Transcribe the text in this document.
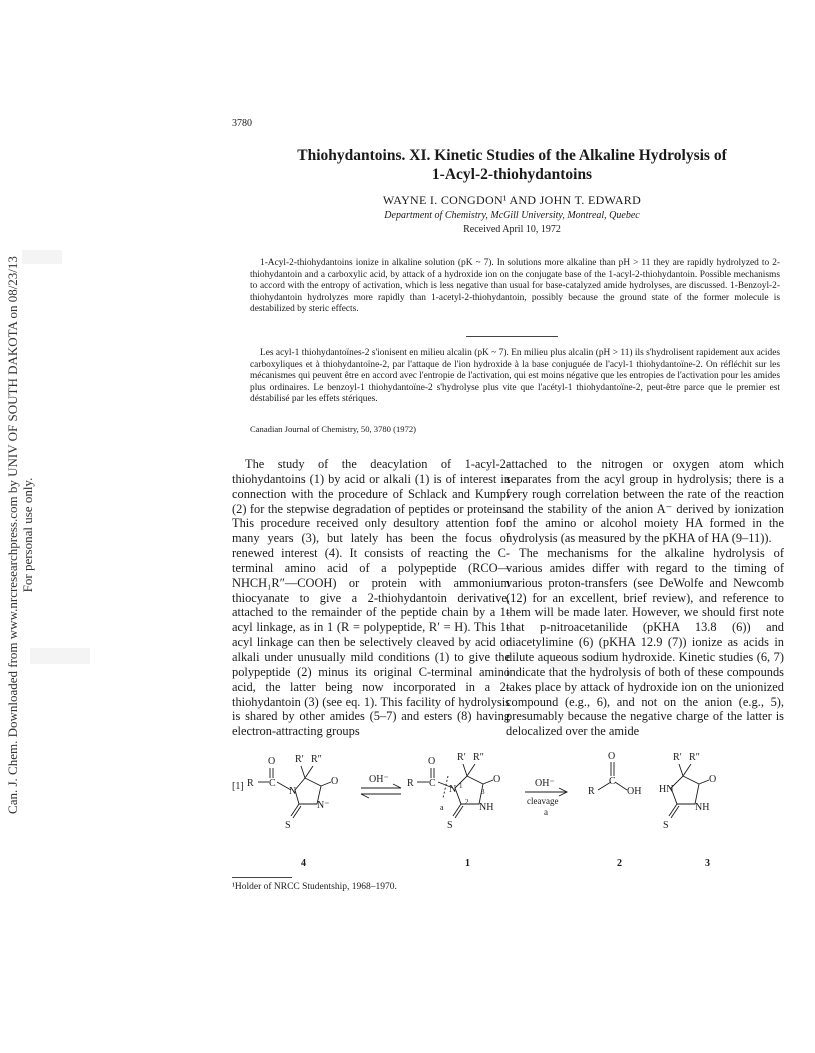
Can. J. Chem. Downloaded from www.nrcresearchpress.com by UNIV OF SOUTH DAKOTA on 08/23/13 For personal use only.
3780
Thiohydantoins. XI. Kinetic Studies of the Alkaline Hydrolysis of
1-Acyl-2-thiohydantoins
WAYNE I. CONGDON¹ AND JOHN T. EDWARD
Department of Chemistry, McGill University, Montreal, Quebec
Received April 10, 1972
1-Acyl-2-thiohydantoins ionize in alkaline solution (pK ~ 7). In solutions more alkaline than pH > 11 they are rapidly hydrolyzed to 2-thiohydantoin and a carboxylic acid, by attack of a hydroxide ion on the conjugate base of the 1-acyl-2-thiohydantoin. Possible mechanisms to accord with the entropy of activation, which is less negative than usual for base-catalyzed amide hydrolyses, are discussed. 1-Benzoyl-2-thiohydantoin hydrolyzes more rapidly than 1-acetyl-2-thiohydantoin, possibly because the ground state of the former molecule is destabilized by steric effects.
Les acyl-1 thiohydantoïnes-2 s'ionisent en milieu alcalin (pK ~ 7). En milieu plus alcalin (pH > 11) ils s'hydrolisent rapidement aux acides carboxyliques et à thiohydantoïne-2, par l'attaque de l'ion hydroxide à la base conjuguée de l'acyl-1 thiohydantoïne-2. On réfléchit sur les mécanismes qui peuvent être en accord avec l'entropie de l'activation, qui est moins négative que les entropies de l'activation pour les amides plus ordinaires. Le benzoyl-1 thiohydantoïne-2 s'hydrolyse plus vite que l'acétyl-1 thiohydantoïne-2, peut-être parce que le premier est déstabilisé par les effets stériques.
Canadian Journal of Chemistry, 50, 3780 (1972)

The study of the deacylation of 1-acyl-2-thiohydantoins (1) by acid or alkali (1) is of interest in connection with the procedure of Schlack and Kumpf (2) for the stepwise degradation of peptides or proteins. This procedure received only desultory attention for many years (3), but lately has been the focus of renewed interest (4). It consists of reacting the C-terminal amino acid of a polypeptide (RCO—NHCH₁R″—COOH) or protein with ammonium thiocyanate to give a 2-thiohydantoin derivative, attached to the remainder of the peptide chain by a 1-acyl linkage, as in 1 (R = polypeptide, R′ = H). This 1-acyl linkage can then be selectively cleaved by acid or alkali under unusually mild conditions (1) to give the polypeptide (2) minus its original C-terminal amino acid, the latter being now incorporated in a 2-thiohydantoin (3) (see eq. 1). This facility of hydrolysis is shared by other amides (5–7) and esters (8) having electron-attracting groups

attached to the nitrogen or oxygen atom which separates from the acyl group in hydrolysis; there is a very rough correlation between the rate of the reaction and the stability of the anion A⁻ derived by ionization of the amino or alcohol moiety HA formed in the hydrolysis (as measured by the pKHA of HA (9–11)).

The mechanisms for the alkaline hydrolysis of various amides differ with regard to the timing of various proton-transfers (see DeWolfe and Newcomb (12) for an excellent, brief review), and reference to them will be made later. However, we should first note that p-nitroacetanilide (pKHA 13.8 (6)) and diacetylimine (6) (pKHA 12.9 (7)) ionize as acids in dilute aqueous sodium hydroxide. Kinetic studies (6, 7) indicate that the hydrolysis of both of these compounds takes place by attack of hydroxide ion on the unionized compound (e.g., 6), and not on the anion (e.g., 5), presumably because the negative charge of the latter is delocalized over the amide

[1] R C
O
N
O
N⁻
S
R′ R″
OH⁻ R C
O
N
O
NH
S
R′ R″
a
1
2
3
OH⁻
cleavage
a
R
C
O
OH HN
O
NH
S
R′ R″
4	1	2	3
¹Holder of NRCC Studentship, 1968–1970.
